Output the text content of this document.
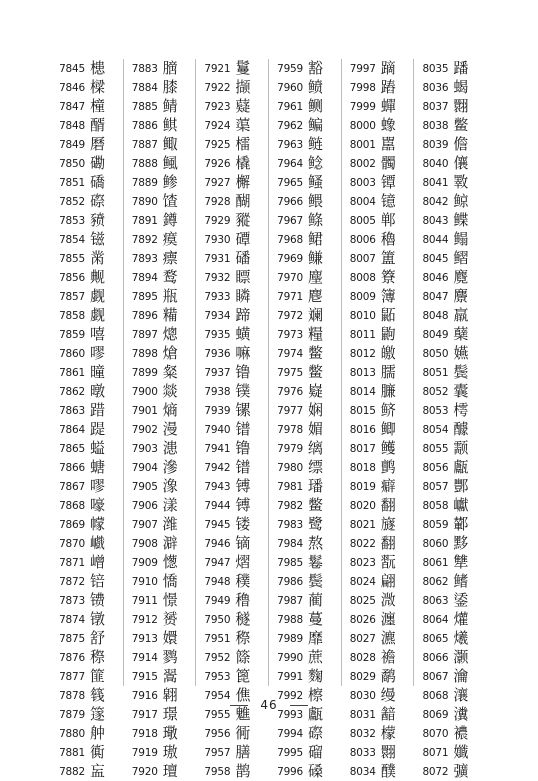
7845 槵
7846 樑
7847 橦
7848 醑
7849 磿
7850 磡
7851 礄
7852 磜
7853 豮
7854 镃
7855 黹
7856 觍
7857 觑
7858 觑
7859 嘻
7860 嘐
7861 曈
7862 暾
7863 踖
7864 踶
7865 螠
7866 螗
7867 嘐
7868 嚎
7869 幪
7870 巇
7871 嶒
7872 锫
7873 镄
7874 镦
7875 舒
7876 穄
7877 篚
7878 篯
7879 篴
7880 舯
7881 衠
7882 衁
7883 膪
7884 膝
7885 鲭
7886 鲯
7887 鲰
7888 鲺
7889 鲹
7890 馇
7891 鐏
7892 瘼
7893 瘭
7894 鹜
7895 瓶
7896 糒
7897 熜
7898 熗
7899 粲
7900 燚
7901 熵
7902 漫
7903 漶
7904 滲
7905 潒
7906 漾
7907 潍
7908 澼
7909 憽
7910 憍
7911 憬
7912 赟
7913 嬛
7914 鹨
7915 翯
7916 翶
7917 璟
7918 璥
7919 璈
7920 璮
7921 鬘
7922 撷
7923 薿
7924 蕖
7925 檑
7926 橇
7927 檞
7928 醐
7929 豵
7930 磹
7931 磻
7932 瞟
7933 瞵
7934 蹄
7935 蟥
7936 嘛
7937 镥
7938 镤
7939 镙
7940 镨
7941 镥
7942 镨
7943 镈
7944 镈
7945 镂
7946 镝
7947 熠
7948 穙
7949 穞
7950 穟
7951 穄
7952 篨
7953 篦
7954 僬
7955 魋
7956 衕
7957 膳
7958 鹊
7959 豁
7960 鲼
7961 鲗
7962 鳊
7963 鲢
7964 鲶
7965 鳋
7966 鳂
7967 鲦
7968 鲪
7969 鳒
7970 麈
7971 麀
7972 斓
7973 糧
7974 鳖
7975 鳖
7976 嶷
7977 娴
7978 媚
7979 缡
7980 缥
7981 璠
7982 鳖
7983 鹭
7984 熬
7985 鬈
7986 鬓
7987 蔺
7988 蔓
7989 靡
7990 蔗
7991 麴
7992 檫
7993 甗
7994 磜
7995 磂
7996 磉
7997 蹢
7998 蹖
7999 蟬
8000 蟓
8001 嚚
8002 髑
8003 镡
8004 镱
8005 郸
8006 穭
8007 簠
8008 簝
8009 簿
8010 鼫
8011 鼩
8012 皦
8013 臑
8014 臁
8015 鲚
8016 鲫
8017 鳠
8018 鹯
8019 癖
8020 翻
8021 旞
8022 翻
8023 翫
8024 翩
8025 溦
8026 瀍
8027 瀌
8028 襜
8029 鹬
8030 缦
8031 韽
8032 檬
8033 翾
8034 醭
8035 蹯
8036 蝎
8037 翾
8038 鳖
8039 儋
8040 儴
8041 斁
8042 鲸
8043 鲽
8044 鳎
8045 鳛
8046 麑
8047 麖
8048 羸
8049 蘖
8050 嬿
8051 鬓
8052 囊
8053 樗
8054 醵
8055 颥
8056 甗
8057 酆
8058 巘
8059 鄻
8060 黟
8061 犨
8062 鳍
8063 鋈
8064 爟
8065 爔
8066 灏
8067 瀹
8068 瀼
8069 瀵
8070 襛
8071 孅
8072 彍
46
